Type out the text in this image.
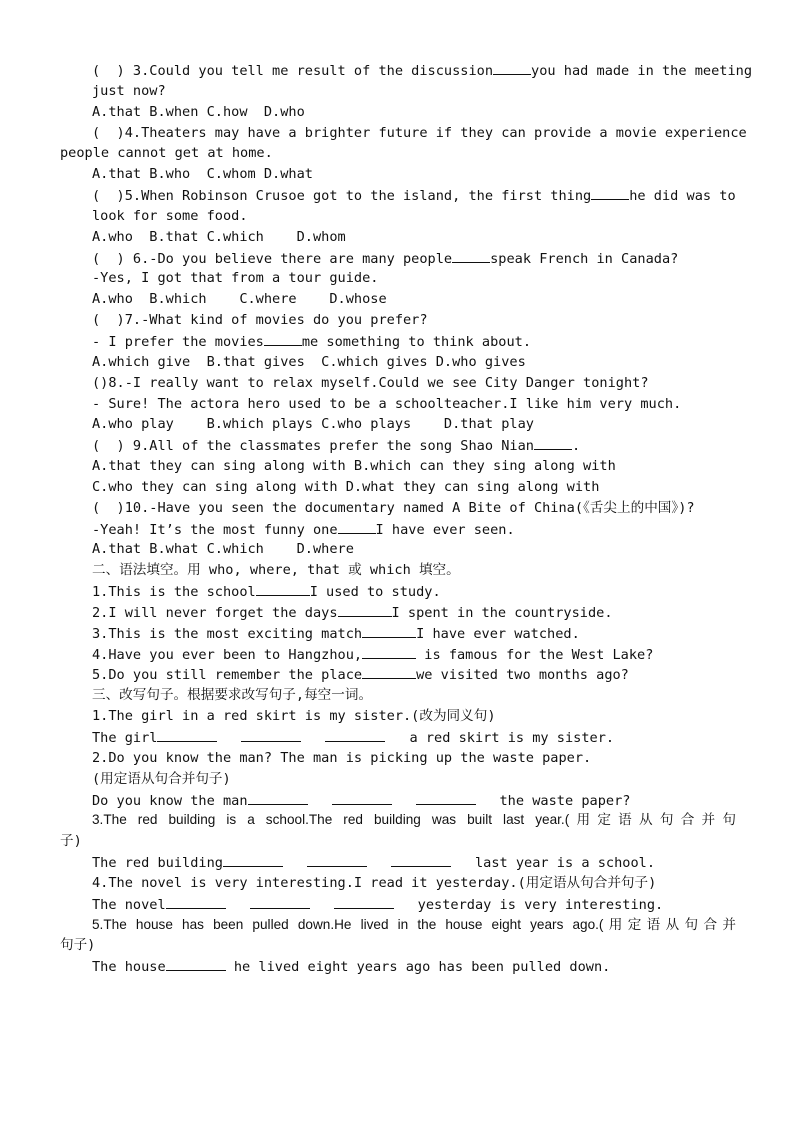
(  ) 3.Could you tell me result of the discussion	you had made in the meeting
just now?
A.that B.when C.how  D.who
(  )4.Theaters may have a brighter future if they can provide a movie experience
people cannot get at home.
A.that B.who  C.whom D.what
(  )5.When Robinson Crusoe got to the island, the first thing	he did was to
look for some food.
A.who  B.that C.which    D.whom
(  ) 6.-Do you believe there are many people	speak French in Canada?
-Yes, I got that from a tour guide.
A.who  B.which    C.where    D.whose
(  )7.-What kind of movies do you prefer?
- I prefer the movies	me something to think about.
A.which give  B.that gives  C.which gives D.who gives
()8.-I really want to relax myself.Could we see City Danger tonight?
- Sure! The actora hero used to be a schoolteacher.I like him very much.
A.who play    B.which plays C.who plays    D.that play
(  ) 9.All of the classmates prefer the song Shao Nian	.
A.that they can sing along with B.which can they sing along with
C.who they can sing along with D.what they can sing along with
(  )10.-Have you seen the documentary named A Bite of China(《舌尖上的中国》)?
-Yeah! It’s the most funny one	I have ever seen.
A.that B.what C.which    D.where
二、语法填空。用 who, where, that 或 which 填空。
1.This is the school	I used to study.
2.I will never forget the days	I spent in the countryside.
3.This is the most exciting match	I have ever watched.
4.Have you ever been to Hangzhou,	is famous for the West Lake?
5.Do you still remember the place	we visited two months ago?
三、改写句子。根据要求改写句子,每空一词。
1.The girl in a red skirt is my sister.(改为同义句)
The girl	a red skirt is my sister.
2.Do you know the man? The man is picking up the waste paper.
(用定语从句合并句子)
Do you know the man	the waste paper?
3.The red building is a school.The red building was built last year.(用定语从句合并句
子)
The red building	last year is a school.
4.The novel is very interesting.I read it yesterday.(用定语从句合并句子)
The novel	yesterday is very interesting.
5.The house has been pulled down.He lived in the house eight years ago.(用定语从句合并
句子)
The house	he lived eight years ago has been pulled down.
